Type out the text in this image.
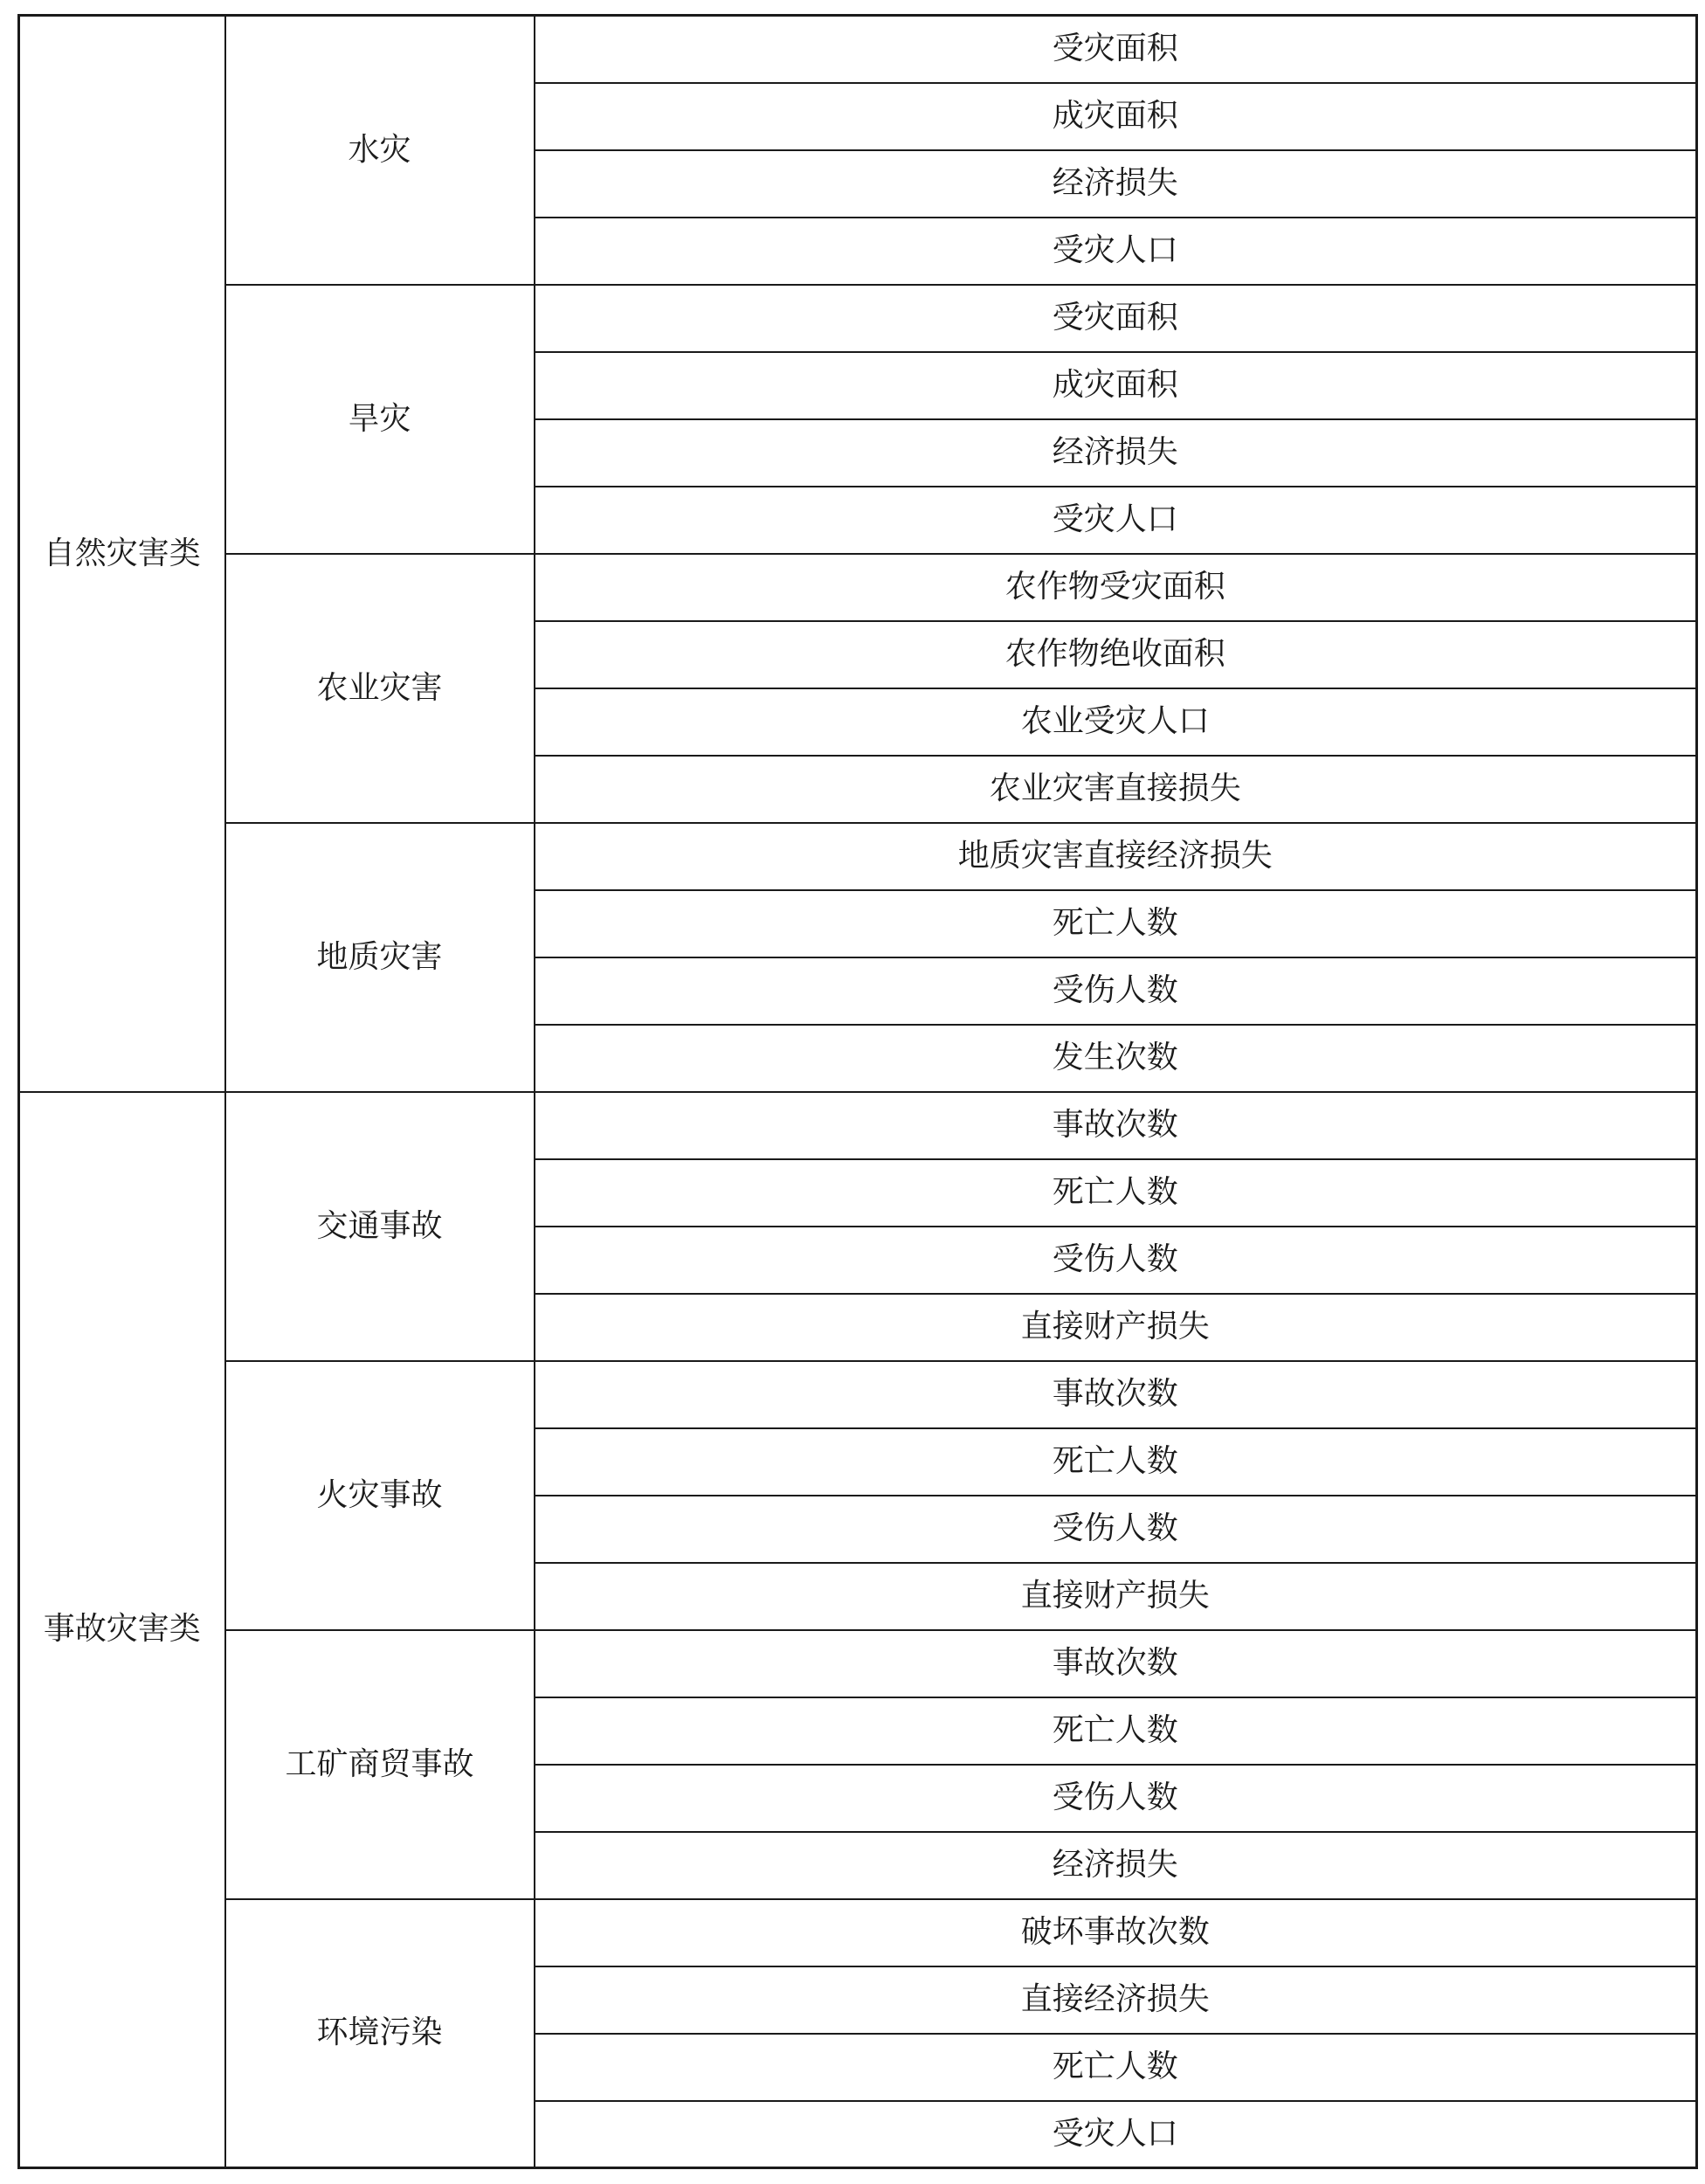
自然灾害类	水灾	受灾面积
		成灾面积
		经济损失
		受灾人口
	旱灾	受灾面积
		成灾面积
		经济损失
		受灾人口
	农业灾害	农作物受灾面积
		农作物绝收面积
		农业受灾人口
		农业灾害直接损失
	地质灾害	地质灾害直接经济损失
		死亡人数
		受伤人数
		发生次数
事故灾害类	交通事故	事故次数
		死亡人数
		受伤人数
		直接财产损失
	火灾事故	事故次数
		死亡人数
		受伤人数
		直接财产损失
	工矿商贸事故	事故次数
		死亡人数
		受伤人数
		经济损失
	环境污染	破坏事故次数
		直接经济损失
		死亡人数
		受灾人口
